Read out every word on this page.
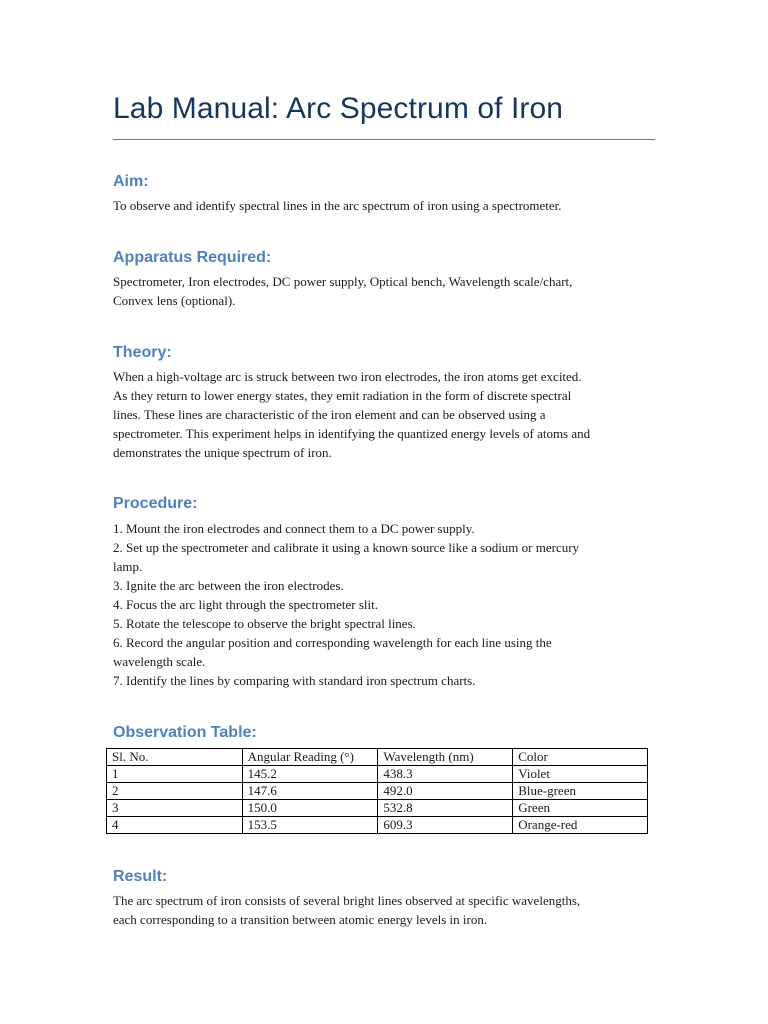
Lab Manual: Arc Spectrum of Iron
Aim:
To observe and identify spectral lines in the arc spectrum of iron using a spectrometer.
Apparatus Required:
Spectrometer, Iron electrodes, DC power supply, Optical bench, Wavelength scale/chart,
Convex lens (optional).
Theory:
When a high-voltage arc is struck between two iron electrodes, the iron atoms get excited.
As they return to lower energy states, they emit radiation in the form of discrete spectral
lines. These lines are characteristic of the iron element and can be observed using a
spectrometer. This experiment helps in identifying the quantized energy levels of atoms and
demonstrates the unique spectrum of iron.
Procedure:
1. Mount the iron electrodes and connect them to a DC power supply.
2. Set up the spectrometer and calibrate it using a known source like a sodium or mercury
lamp.
3. Ignite the arc between the iron electrodes.
4. Focus the arc light through the spectrometer slit.
5. Rotate the telescope to observe the bright spectral lines.
6. Record the angular position and corresponding wavelength for each line using the
wavelength scale.
7. Identify the lines by comparing with standard iron spectrum charts.
Observation Table:
Sl. No.	Angular Reading (°)	Wavelength (nm)	Color
1	145.2	438.3	Violet
2	147.6	492.0	Blue-green
3	150.0	532.8	Green
4	153.5	609.3	Orange-red
Result:
The arc spectrum of iron consists of several bright lines observed at specific wavelengths,
each corresponding to a transition between atomic energy levels in iron.
